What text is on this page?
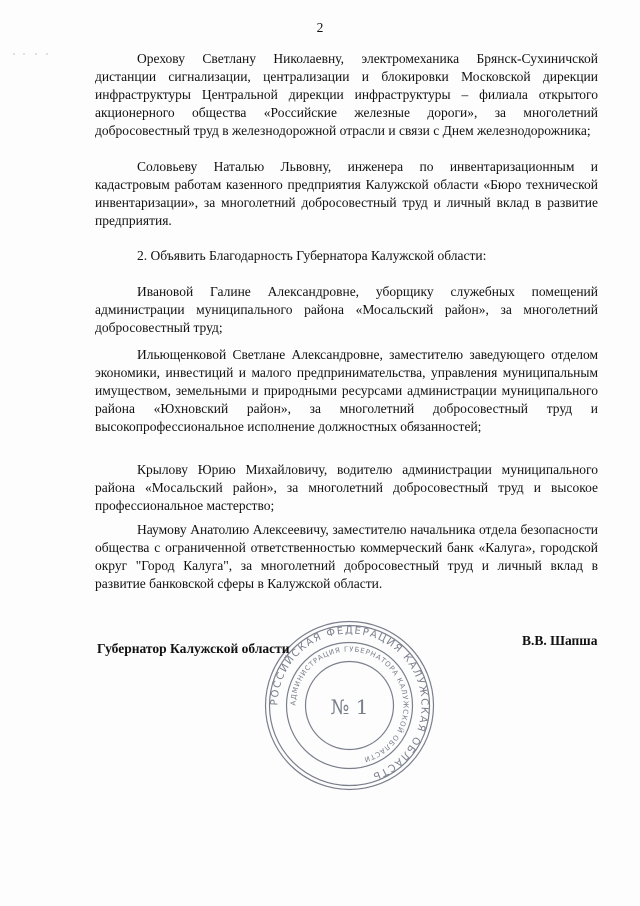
2

Орехову Светлану Николаевну, электромеханика Брянск-Сухиничской дистанции сигнализации, централизации и блокировки Московской дирекции инфраструктуры Центральной дирекции инфраструктуры – филиала открытого акционерного общества «Российские железные дороги», за многолетний добросовестный труд в железнодорожной отрасли и связи с Днем железнодорожника;

Соловьеву Наталью Львовну, инженера по инвентаризационным и кадастровым работам казенного предприятия Калужской области «Бюро технической инвентаризации», за многолетний добросовестный труд и личный вклад в развитие предприятия.

2. Объявить Благодарность Губернатора Калужской области:

Ивановой Галине Александровне, уборщику служебных помещений администрации муниципального района «Мосальский район», за многолетний добросовестный труд;

Ильющенковой Светлане Александровне, заместителю заведующего отделом экономики, инвестиций и малого предпринимательства, управления муниципальным имуществом, земельными и природными ресурсами администрации муниципального района «Юхновский район», за многолетний добросовестный труд и высокопрофессиональное исполнение должностных обязанностей;

Крылову Юрию Михайловичу, водителю администрации муниципального района «Мосальский район», за многолетний добросовестный труд и высокое профессиональное мастерство;

Наумову Анатолию Алексеевичу, заместителю начальника отдела безопасности общества с ограниченной ответственностью коммерческий банк «Калуга», городской округ "Город Калуга", за многолетний добросовестный труд и личный вклад в развитие банковской сферы в Калужской области.

РОССИЙСКАЯ ФЕДЕРАЦИЯ КАЛУЖСКАЯ ОБЛАСТЬ
АДМИНИСТРАЦИЯ ГУБЕРНАТОРА КАЛУЖСКОЙ ОБЛАСТИ
№ 1
Губернатор Калужской области
В.В. Шапша
